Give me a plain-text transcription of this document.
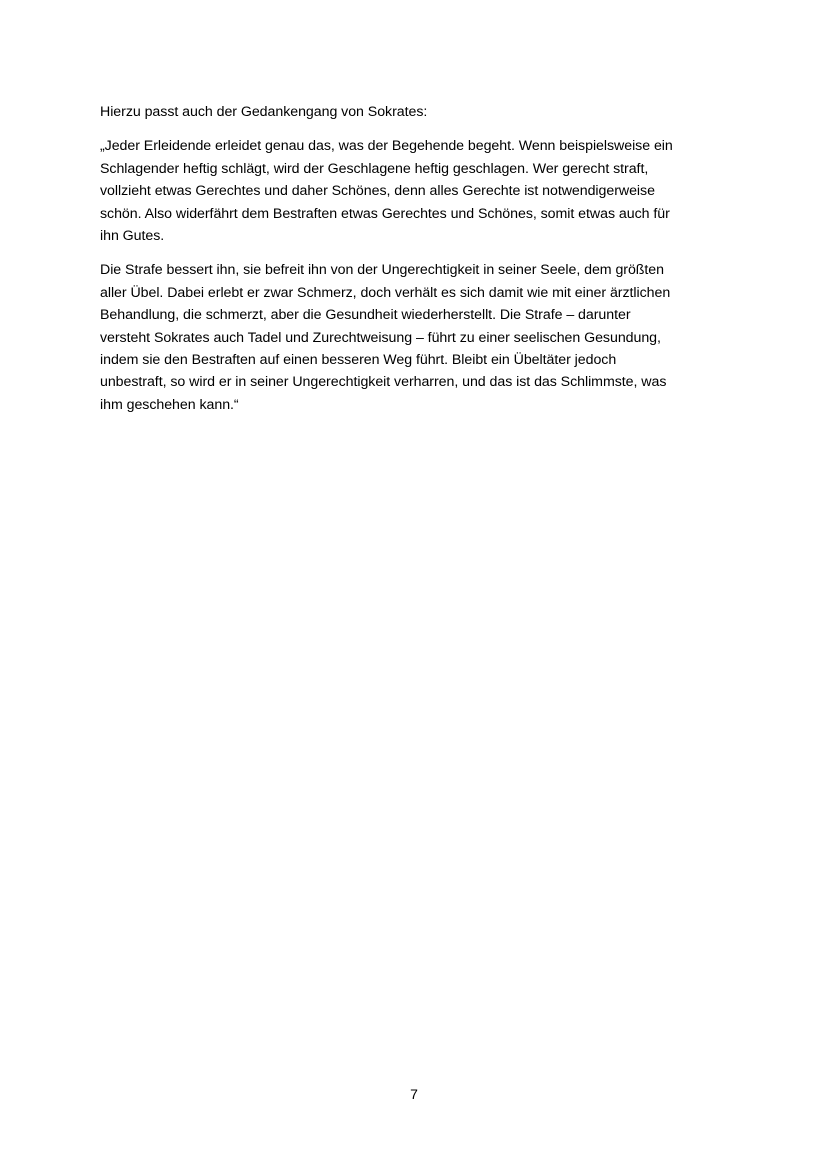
Hierzu passt auch der Gedankengang von Sokrates:

„Jeder Erleidende erleidet genau das, was der Begehende begeht. Wenn beispielsweise ein
Schlagender heftig schlägt, wird der Geschlagene heftig geschlagen. Wer gerecht straft,
vollzieht etwas Gerechtes und daher Schönes, denn alles Gerechte ist notwendigerweise
schön. Also widerfährt dem Bestraften etwas Gerechtes und Schönes, somit etwas auch für
ihn Gutes.

Die Strafe bessert ihn, sie befreit ihn von der Ungerechtigkeit in seiner Seele, dem größten
aller Übel. Dabei erlebt er zwar Schmerz, doch verhält es sich damit wie mit einer ärztlichen
Behandlung, die schmerzt, aber die Gesundheit wiederherstellt. Die Strafe – darunter
versteht Sokrates auch Tadel und Zurechtweisung – führt zu einer seelischen Gesundung,
indem sie den Bestraften auf einen besseren Weg führt. Bleibt ein Übeltäter jedoch
unbestraft, so wird er in seiner Ungerechtigkeit verharren, und das ist das Schlimmste, was
ihm geschehen kann.“

7
